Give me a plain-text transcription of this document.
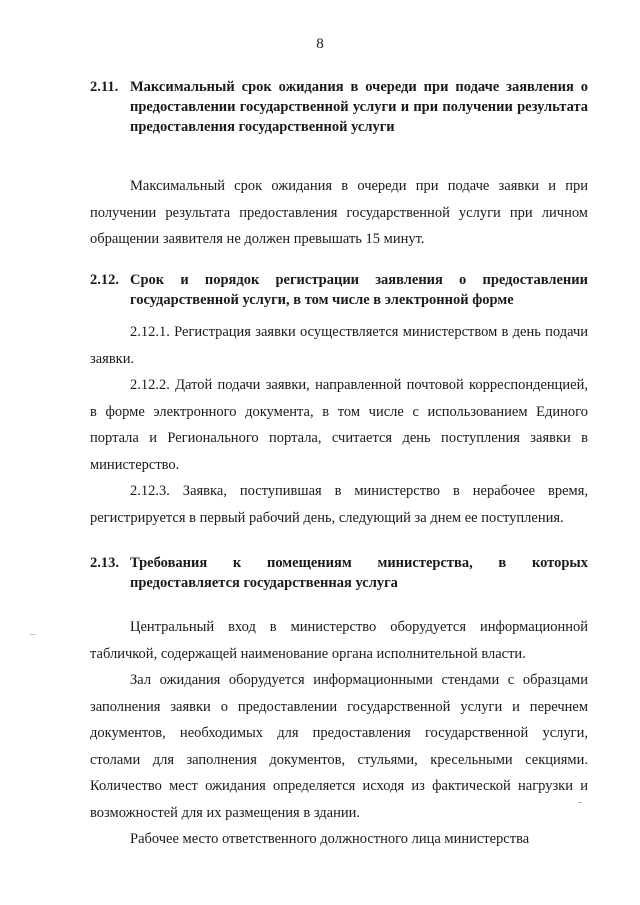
8
2.11. Максимальный срок ожидания в очереди при подаче заявления о предоставлении государственной услуги и при получении результата предоставления государственной услуги

Максимальный срок ожидания в очереди при подаче заявки и при получении результата предоставления государственной услуги при личном обращении заявителя не должен превышать 15 минут.

2.12. Срок и порядок регистрации заявления о предоставлении государственной услуги, в том числе в электронной форме

2.12.1. Регистрация заявки осуществляется министерством в день подачи заявки.

2.12.2. Датой подачи заявки, направленной почтовой корреспонденцией, в форме электронного документа, в том числе с использованием Единого портала и Регионального портала, считается день поступления заявки в министерство.

2.12.3. Заявка, поступившая в министерство в нерабочее время, регистрируется в первый рабочий день, следующий за днем ее поступления.

2.13. Требования к помещениям министерства, в которых предоставляется государственная услуга

Центральный вход в министерство оборудуется информационной табличкой, содержащей наименование органа исполнительной власти.

Зал ожидания оборудуется информационными стендами с образцами заполнения заявки о предоставлении государственной услуги и перечнем документов, необходимых для предоставления государственной услуги, столами для заполнения документов, стульями, кресельными секциями. Количество мест ожидания определяется исходя из фактической нагрузки и возможностей для их размещения в здании.

Рабочее место ответственного должностного лица министерства

–
-
